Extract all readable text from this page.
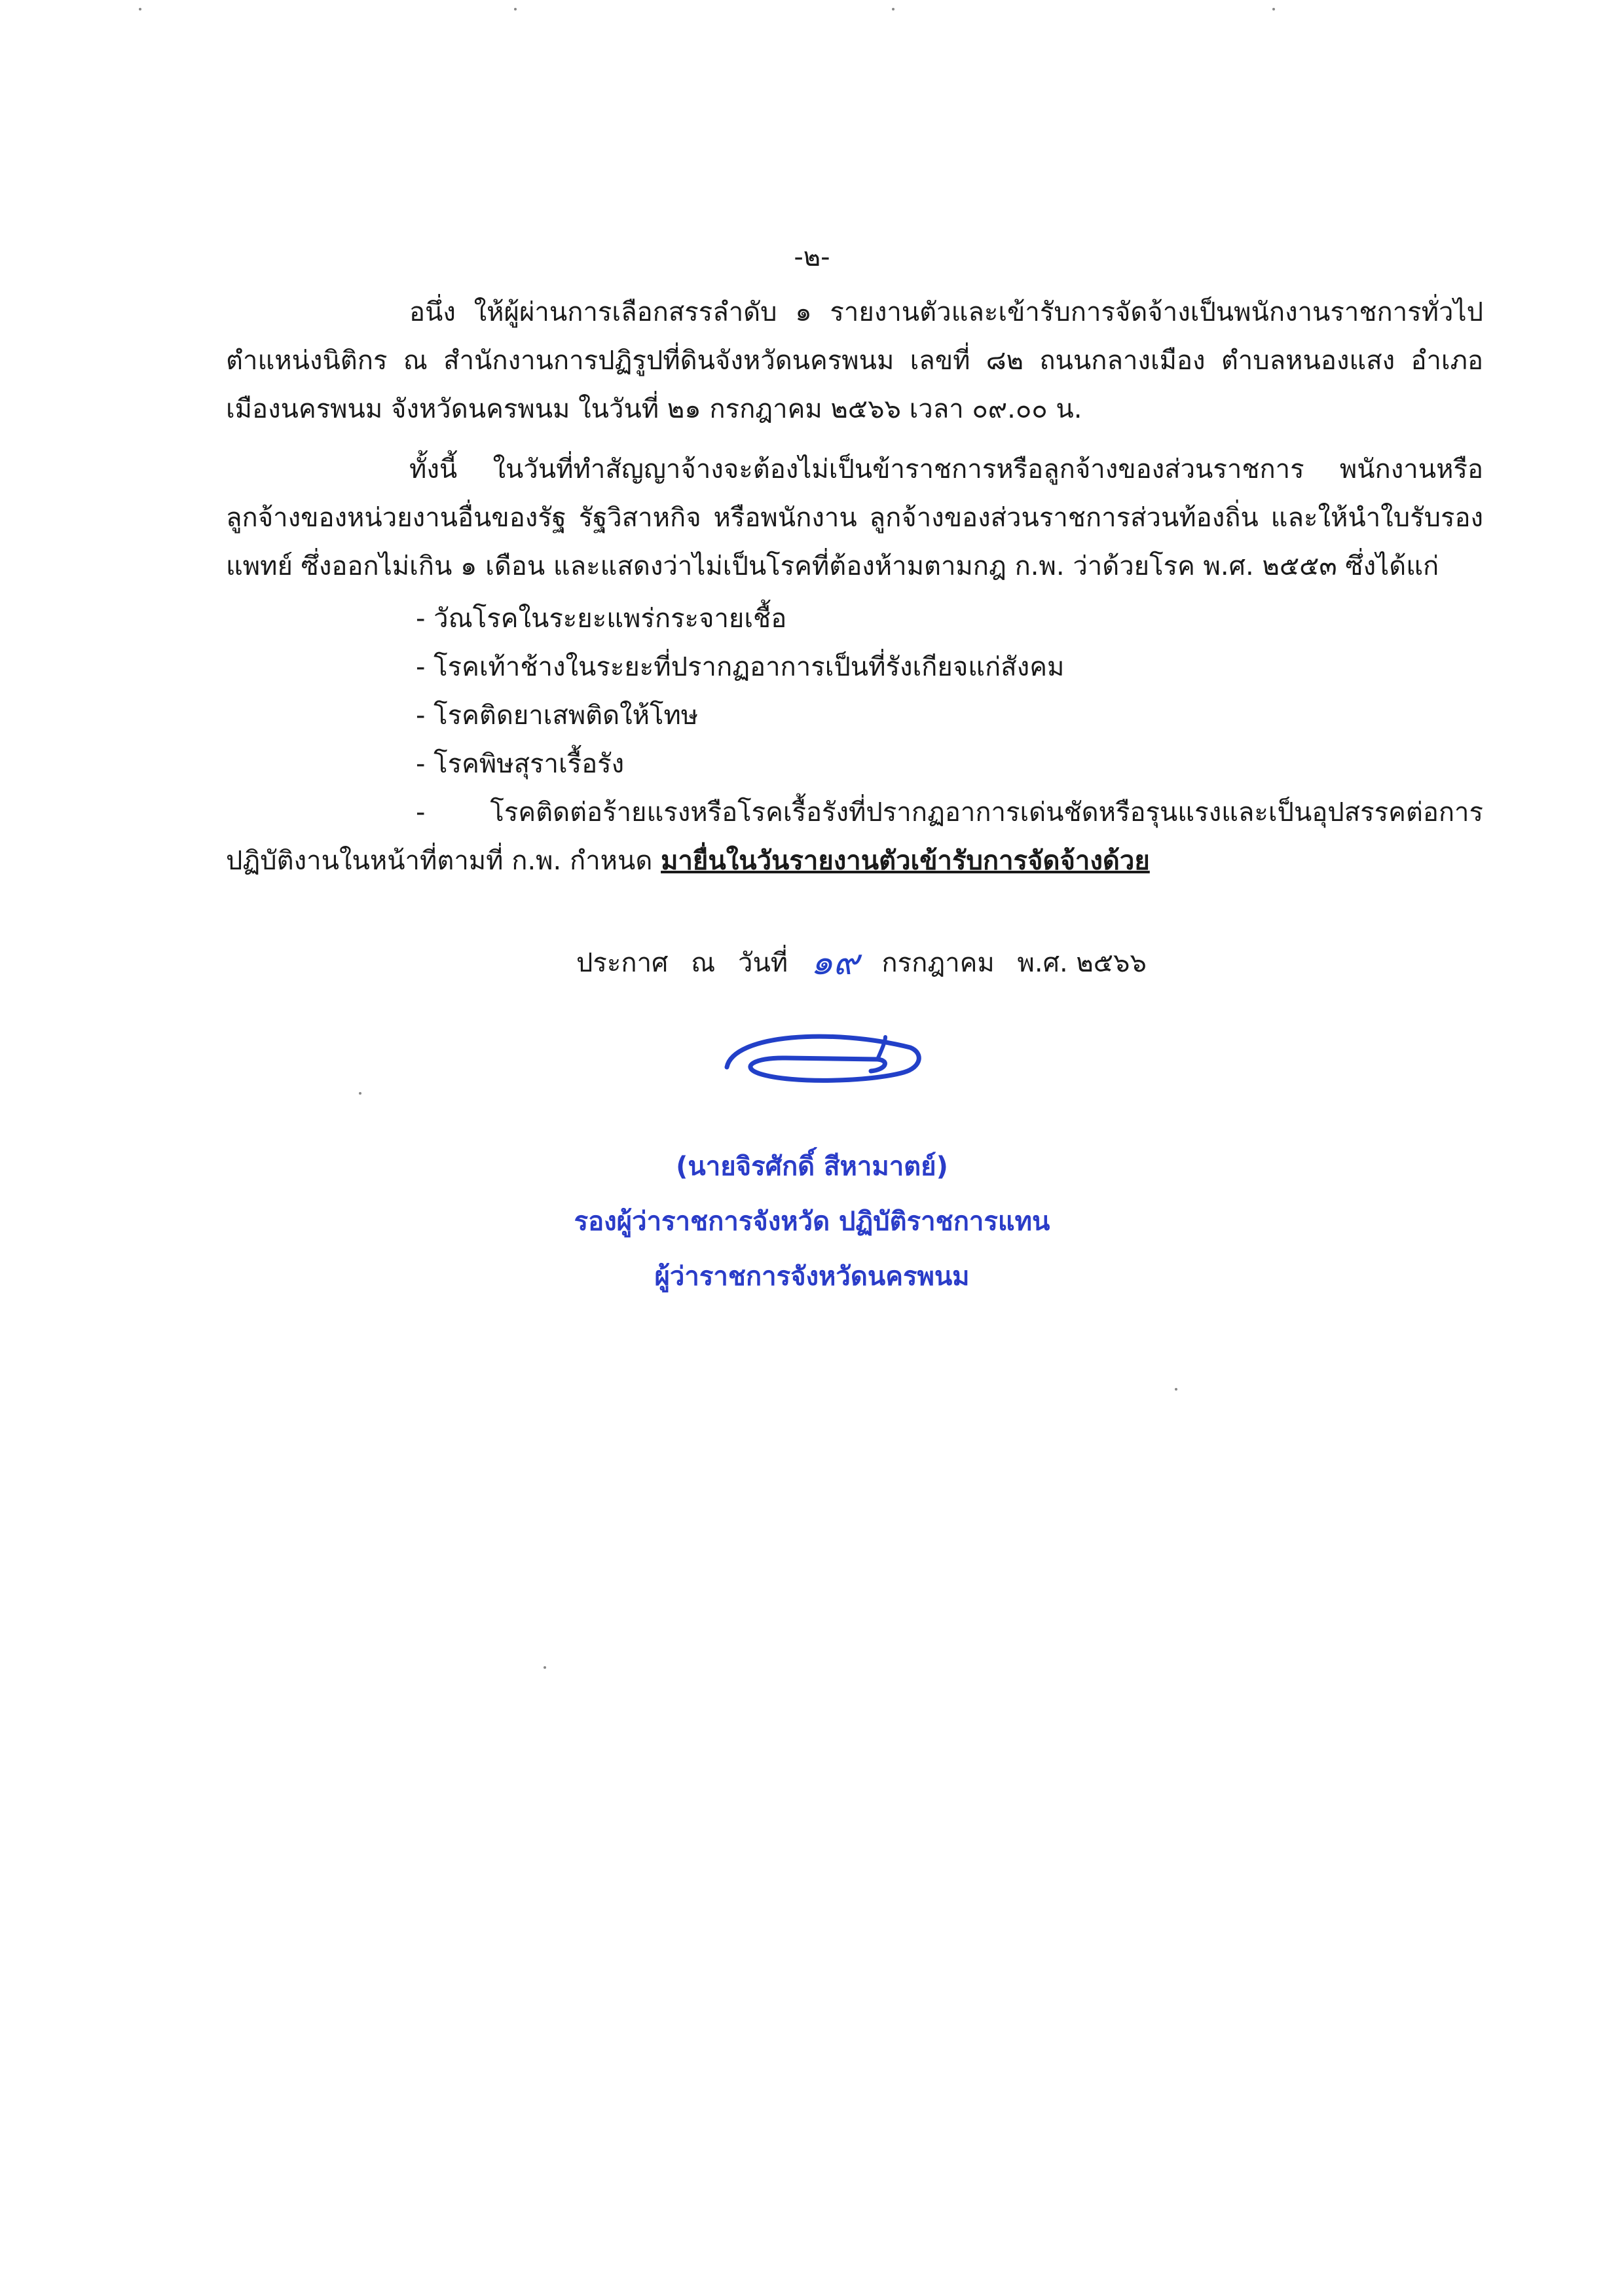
-๒-

อนึ่ง ให้ผู้ผ่านการเลือกสรรลำดับ ๑ รายงานตัวและเข้ารับการจัดจ้างเป็นพนักงานราชการทั่วไป ตำแหน่งนิติกร ณ สำนักงานการปฏิรูปที่ดินจังหวัดนครพนม เลขที่ ๘๒ ถนนกลางเมือง ตำบลหนองแสง อำเภอเมืองนครพนม จังหวัดนครพนม ในวันที่ ๒๑ กรกฎาคม ๒๕๖๖ เวลา ๐๙.๐๐ น.

ทั้งนี้ ในวันที่ทำสัญญาจ้างจะต้องไม่เป็นข้าราชการหรือลูกจ้างของส่วนราชการ พนักงานหรือลูกจ้างของหน่วยงานอื่นของรัฐ รัฐวิสาหกิจ หรือพนักงาน ลูกจ้างของส่วนราชการส่วนท้องถิ่น และให้นำใบรับรองแพทย์ ซึ่งออกไม่เกิน ๑ เดือน และแสดงว่าไม่เป็นโรคที่ต้องห้ามตามกฎ ก.พ. ว่าด้วยโรค พ.ศ. ๒๕๕๓ ซึ่งได้แก่

- วัณโรคในระยะแพร่กระจายเชื้อ
- โรคเท้าช้างในระยะที่ปรากฏอาการเป็นที่รังเกียจแก่สังคม
- โรคติดยาเสพติดให้โทษ
- โรคพิษสุราเรื้อรัง
- โรคติดต่อร้ายแรงหรือโรคเรื้อรังที่ปรากฏอาการเด่นชัดหรือรุนแรงและเป็นอุปสรรคต่อการปฏิบัติงานในหน้าที่ตามที่ ก.พ. กำหนด มายื่นในวันรายงานตัวเข้ารับการจัดจ้างด้วย
ประกาศ ณ วันที่ ๑๙ กรกฎาคม พ.ศ. ๒๕๖๖
(นายจิรศักดิ์ สีหามาตย์)
รองผู้ว่าราชการจังหวัด ปฏิบัติราชการแทน
ผู้ว่าราชการจังหวัดนครพนม
